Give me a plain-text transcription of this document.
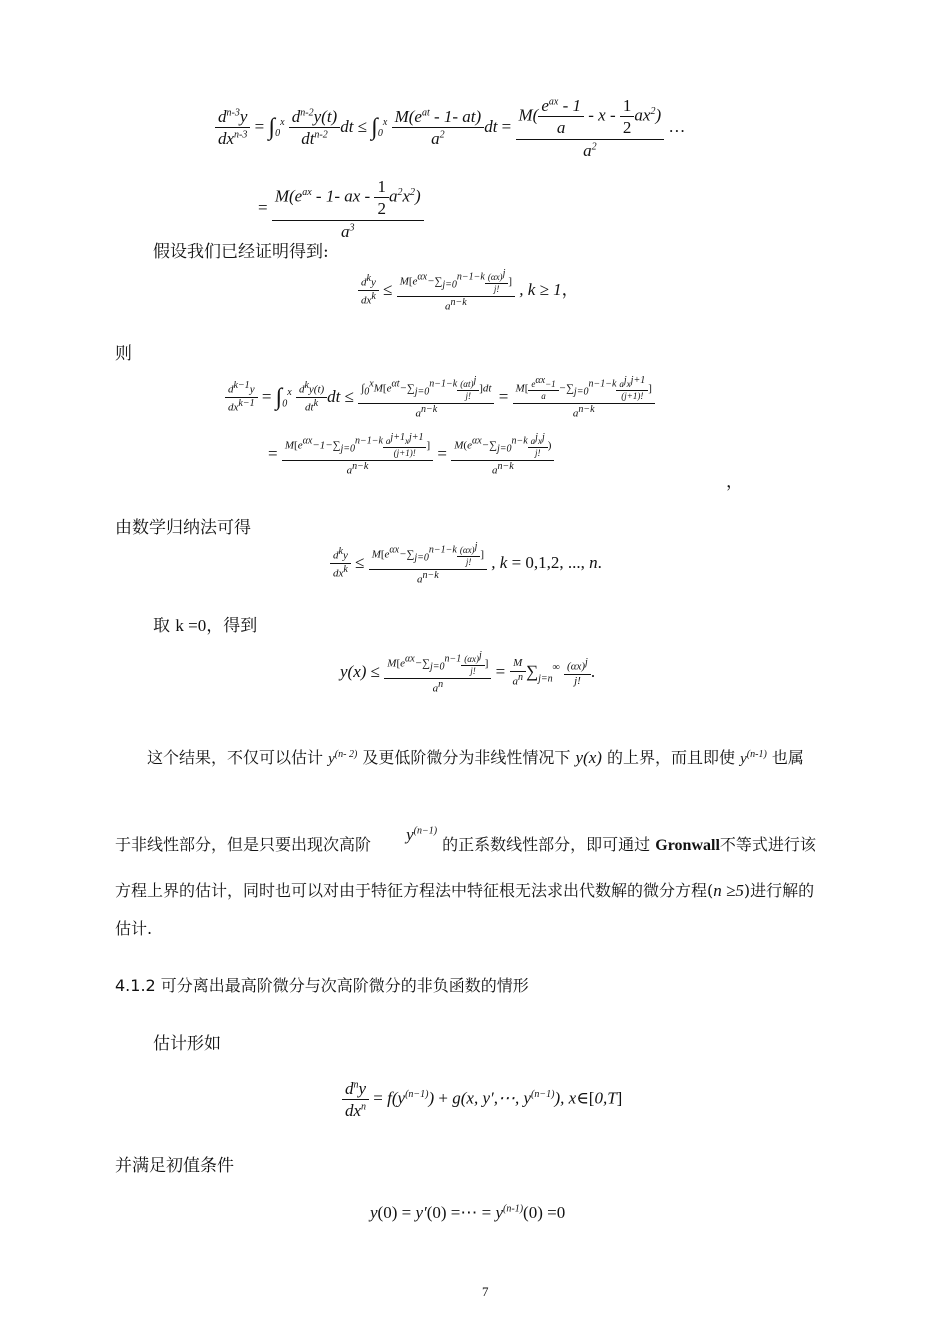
$\frac{d^{n-3}y}{dx^{n-3}} = \int_0^x \frac{d^{n-2}y(t)}{dt^{n-2}}$ dt ≤ $\int_0^x \frac{M(e^{at} - 1- at)}{a^2}$ dt = $\frac{M( \frac{e^{ax} - 1}{a} - x - \frac{1}{2} ax^2)}{a^2}$ …
= $\frac{M(e^{ax} - 1- ax - \frac{1}{2} a^2x^2)}{a^3}$
假设我们已经证明得到:
$\frac{d^ky}{dx^k} \le \frac{M[e^{\alpha x}-\sum_{j=0}^{n-1-k} \frac{(\alpha x)^j}{j!} ]}{a^{n-k}}$ , k ≥ 1，
则
$\frac{d^{k-1}y}{dx^{k-1}} = \int_0^x \frac{d^ky(t)}{dt^k}$ dt ≤ $\frac{\int_0^xM[e^{\alpha t}-\sum_{j=0}^{n-1-k} \frac{(\alpha t)^j}{j!} ]dt}{a^{n-k}} = \frac{M[ \frac{e^{\alpha x}-1}{a} -\sum_{j=0}^{n-1-k} \frac{a^jx^{j+1}}{(j+1)!} ]}{a^{n-k}}$
= $\frac{M[e^{\alpha x}-1-\sum_{j=0}^{n-1-k} \frac{a^{j+1}x^{j+1}}{(j+1)!} ]}{a^{n-k}} = \frac{M(e^{\alpha x}-\sum_{j=0}^{n-k} \frac{a^jx^j}{j!} )}{a^{n-k}}$
，
由数学归纳法可得
$\frac{d^ky}{dx^k} \le \frac{M[e^{\alpha x}-\sum_{j=0}^{n-1-k} \frac{(\alpha x)^j}{j!} ]}{a^{n-k}}$ , k = 0,1,2, ..., n.
取 k =0，得到
$y(x) \le \frac{M[e^{\alpha x}-\sum_{j=0}^{n-1} \frac{(\alpha x)^j}{j!} ]}{a^n} = \frac{M}{a^n} \sum_{j=n}^\infty \frac{(\alpha x)^j}{j!}$ .
这个结果，不仅可以估计 $y^{(n- 2)}$ 及更低阶微分为非线性情况下 y(x) 的上界，而且即使 $y^{(n-1)}$ 也属
于非线性部分，但是只要出现次高阶 $y^{(n-1)}$ 的正系数线性部分，即可通过 Gronwall不等式进行该
方程上界的估计，同时也可以对由于特征方程法中特征根无法求出代数解的微分方程(n ≥5)进行解的
估计.
4.1.2 可分离出最高阶微分与次高阶微分的非负函数的情形
估计形如
$\frac{d^ny}{dx^n} = f(y^{(n-1)}) + g(x$, y′,⋯, $y^{(n-1)}$), x∈[0,T]
并满足初值条件
y(0) = y′(0) =⋯ = $y^{(n-1)}(0) =0$
7
